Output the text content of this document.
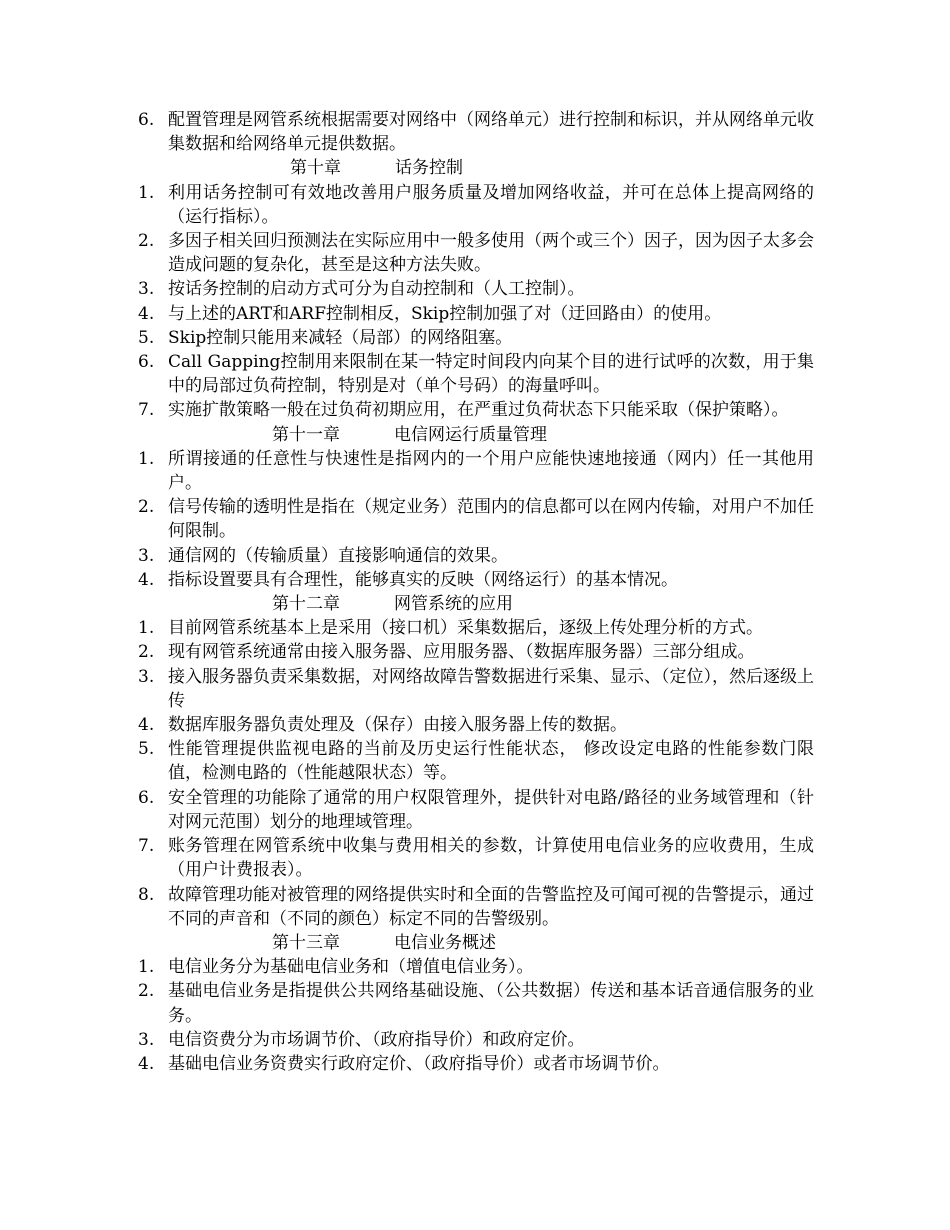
6. 配置管理是网管系统根据需要对网络中（网络单元）进行控制和标识，并从网络单元收集数据和给网络单元提供数据。
第十章	话务控制
1. 利用话务控制可有效地改善用户服务质量及增加网络收益，并可在总体上提高网络的（运行指标）。
2. 多因子相关回归预测法在实际应用中一般多使用（两个或三个）因子，因为因子太多会造成问题的复杂化，甚至是这种方法失败。
3. 按话务控制的启动方式可分为自动控制和（人工控制）。
4. 与上述的ART和ARF控制相反，Skip控制加强了对（迂回路由）的使用。
5. Skip控制只能用来减轻（局部）的网络阻塞。
6. Call Gapping控制用来限制在某一特定时间段内向某个目的进行试呼的次数，用于集中的局部过负荷控制，特别是对（单个号码）的海量呼叫。
7. 实施扩散策略一般在过负荷初期应用，在严重过负荷状态下只能采取（保护策略）。
第十一章	电信网运行质量管理
1. 所谓接通的任意性与快速性是指网内的一个用户应能快速地接通（网内）任一其他用户。
2. 信号传输的透明性是指在（规定业务）范围内的信息都可以在网内传输，对用户不加任何限制。
3. 通信网的（传输质量）直接影响通信的效果。
4. 指标设置要具有合理性，能够真实的反映（网络运行）的基本情况。
第十二章	网管系统的应用
1. 目前网管系统基本上是采用（接口机）采集数据后，逐级上传处理分析的方式。
2. 现有网管系统通常由接入服务器、应用服务器、（数据库服务器）三部分组成。
3. 接入服务器负责采集数据，对网络故障告警数据进行采集、显示、（定位），然后逐级上传
4. 数据库服务器负责处理及（保存）由接入服务器上传的数据。
5. 性能管理提供监视电路的当前及历史运行性能状态， 修改设定电路的性能参数门限值，检测电路的（性能越限状态）等。
6. 安全管理的功能除了通常的用户权限管理外，提供针对电路/路径的业务域管理和（针对网元范围）划分的地理域管理。
7. 账务管理在网管系统中收集与费用相关的参数，计算使用电信业务的应收费用，生成（用户计费报表）。
8. 故障管理功能对被管理的网络提供实时和全面的告警监控及可闻可视的告警提示，通过不同的声音和（不同的颜色）标定不同的告警级别。
第十三章	电信业务概述
1. 电信业务分为基础电信业务和（增值电信业务）。
2. 基础电信业务是指提供公共网络基础设施、（公共数据）传送和基本话音通信服务的业务。
3. 电信资费分为市场调节价、（政府指导价）和政府定价。
4. 基础电信业务资费实行政府定价、（政府指导价）或者市场调节价。
